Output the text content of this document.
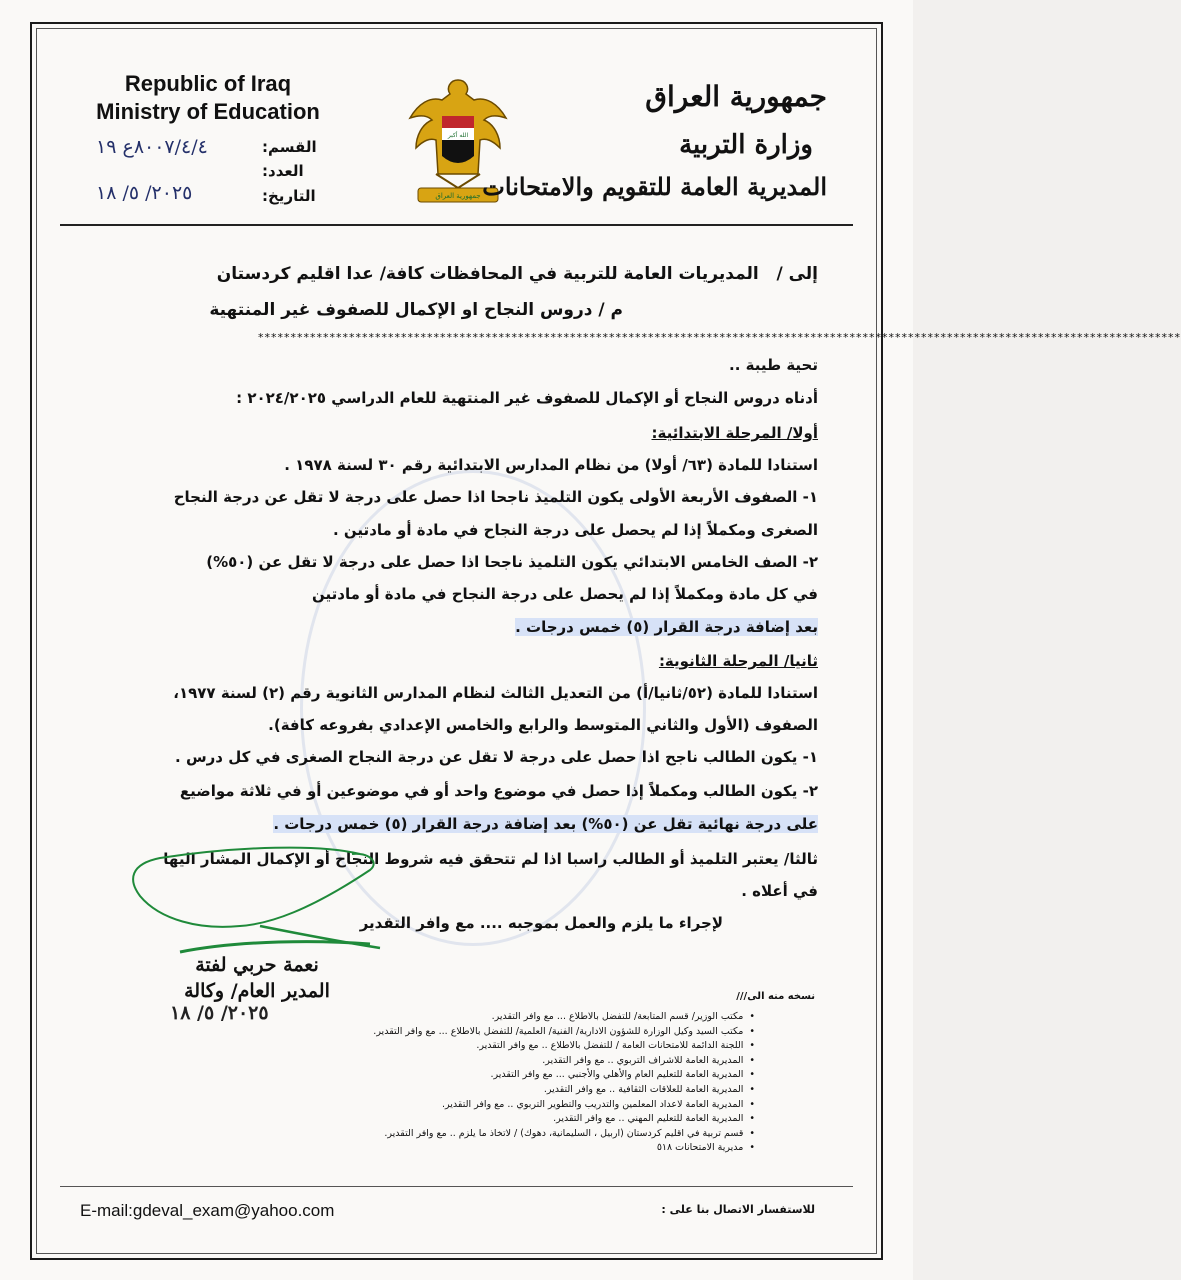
Republic of Iraq
Ministry of Education
القسم:
العدد:
التاريخ:
٨٠٠٧/٤/٤ع ١٩
٢٠٢٥/ ٥/ ١٨
الله أكبر
جمهورية العراق
جمهورية العراق
وزارة التربية
المديرية العامة للتقويم والامتحانات
إلى /   المديريات العامة للتربية في المحافظات كافة/ عدا اقليم كردستان
م / دروس النجاح او الإكمال للصفوف غير المنتهية
**********************************************************************************************************************************************
تحية طيبة ..
أدناه دروس النجاح أو الإكمال للصفوف غير المنتهية للعام الدراسي ٢٠٢٤/٢٠٢٥ :
أولا/ المرحلة الابتدائية:
استنادا للمادة (٦٣/ أولا) من نظام المدارس الابتدائية رقم ٣٠ لسنة ١٩٧٨ .
١- الصفوف الأربعة الأولى يكون التلميذ ناجحا اذا حصل على درجة لا تقل عن درجة النجاح
الصغرى ومكملاً إذا لم يحصل على درجة النجاح في مادة أو مادتين .
٢- الصف الخامس الابتدائي يكون التلميذ ناجحا اذا حصل على درجة لا تقل عن (٥٠%)
في كل مادة ومكملاً إذا لم يحصل على درجة النجاح في مادة أو مادتين
بعد إضافة درجة القرار (٥) خمس درجات .
ثانيا/ المرحلة الثانوية:
استنادا للمادة (٥٢/ثانيا/أ) من التعديل الثالث لنظام المدارس الثانوية رقم (٢) لسنة ١٩٧٧،
الصفوف (الأول والثاني المتوسط والرابع والخامس الإعدادي بفروعه كافة).
١- يكون الطالب ناجح اذا حصل على درجة لا تقل عن درجة النجاح الصغرى في كل درس .
٢- يكون الطالب ومكملاً إذا حصل في موضوع واحد أو في موضوعين أو في ثلاثة مواضيع
على درجة نهائية تقل عن (٥٠%) بعد إضافة درجة القرار (٥) خمس درجات .
ثالثا/ يعتبر التلميذ أو الطالب راسبا اذا لم تتحقق فيه شروط النجاح أو الإكمال المشار اليها
في أعلاه .
لإجراء ما يلزم والعمل بموجبه .... مع وافر التقدير
نعمة حربي لفتة
المدير العام/ وكالة
٢٠٢٥/ ٥/ ١٨
نسخه منه الى///
• مكتب الوزير/ قسم المتابعة/ للتفضل بالاطلاع ... مع وافر التقدير.
• مكتب السيد وكيل الوزارة للشؤون الادارية/ الفنية/ العلمية/ للتفضل بالاطلاع ... مع وافر التقدير.
• اللجنة الدائمة للامتحانات العامة / للتفضل بالاطلاع .. مع وافر التقدير.
• المديرية العامة للاشراف التربوي .. مع وافر التقدير.
• المديرية العامة للتعليم العام والأهلي والأجنبي ... مع وافر التقدير.
• المديرية العامة للعلاقات الثقافية .. مع وافر التقدير.
• المديرية العامة لاعداد المعلمين والتدريب والتطوير التربوي .. مع وافر التقدير.
• المديرية العامة للتعليم المهني .. مع وافر التقدير.
• قسم تربية في اقليم كردستان (اربيل ، السليمانية، دهوك) / لاتخاذ ما يلزم .. مع وافر التقدير.
• مديرية الامتحانات ٥١٨
E-mail:gdeval_exam@yahoo.com	للاستفسار الاتصال بنا على :
